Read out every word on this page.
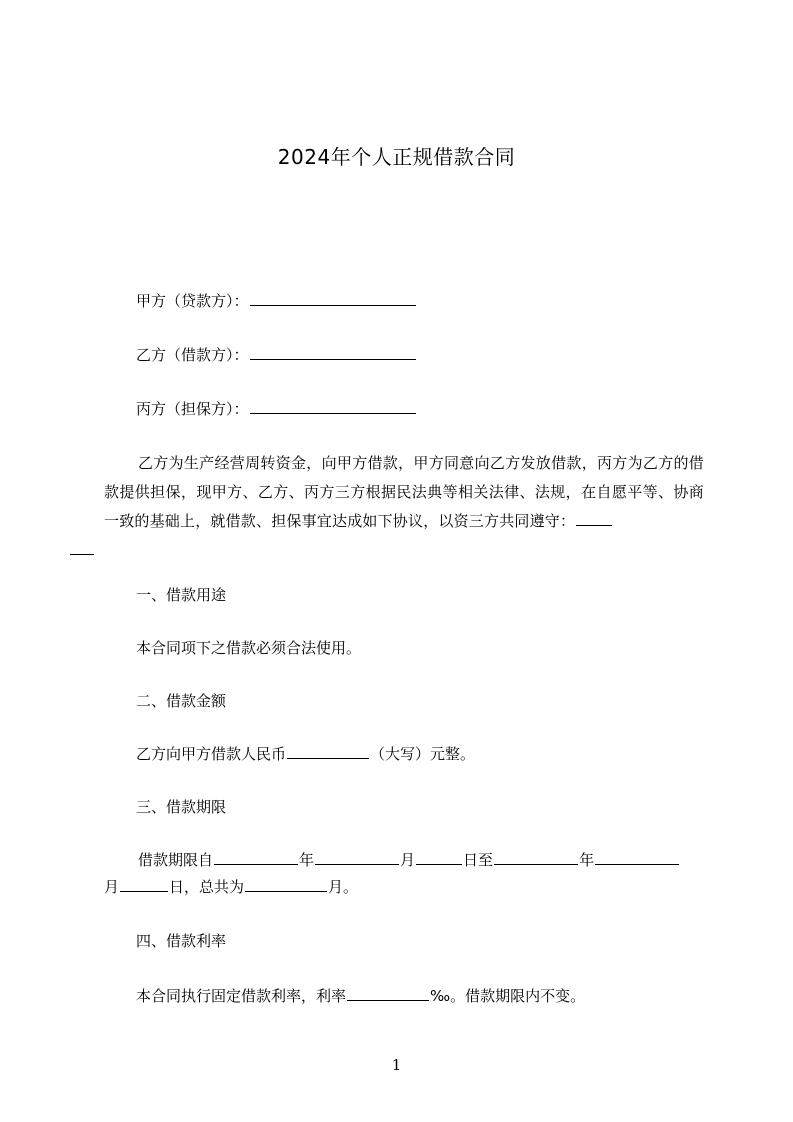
2024年个人正规借款合同
甲方（贷款方）：
乙方（借款方）：
丙方（担保方）：
乙方为生产经营周转资金，向甲方借款，甲方同意向乙方发放借款，丙方为乙方的借款提供担保，现甲方、乙方、丙方三方根据民法典等相关法律、法规，在自愿平等、协商一致的基础上，就借款、担保事宜达成如下协议，以资三方共同遵守：

一、借款用途
本合同项下之借款必须合法使用。
二、借款金额
乙方向甲方借款人民币	（大写）元整。
三、借款期限
借款期限自	年	月	日至	年
月	日，总共为	月。
四、借款利率
本合同执行固定借款利率，利率	‰。借款期限内不变。
1
